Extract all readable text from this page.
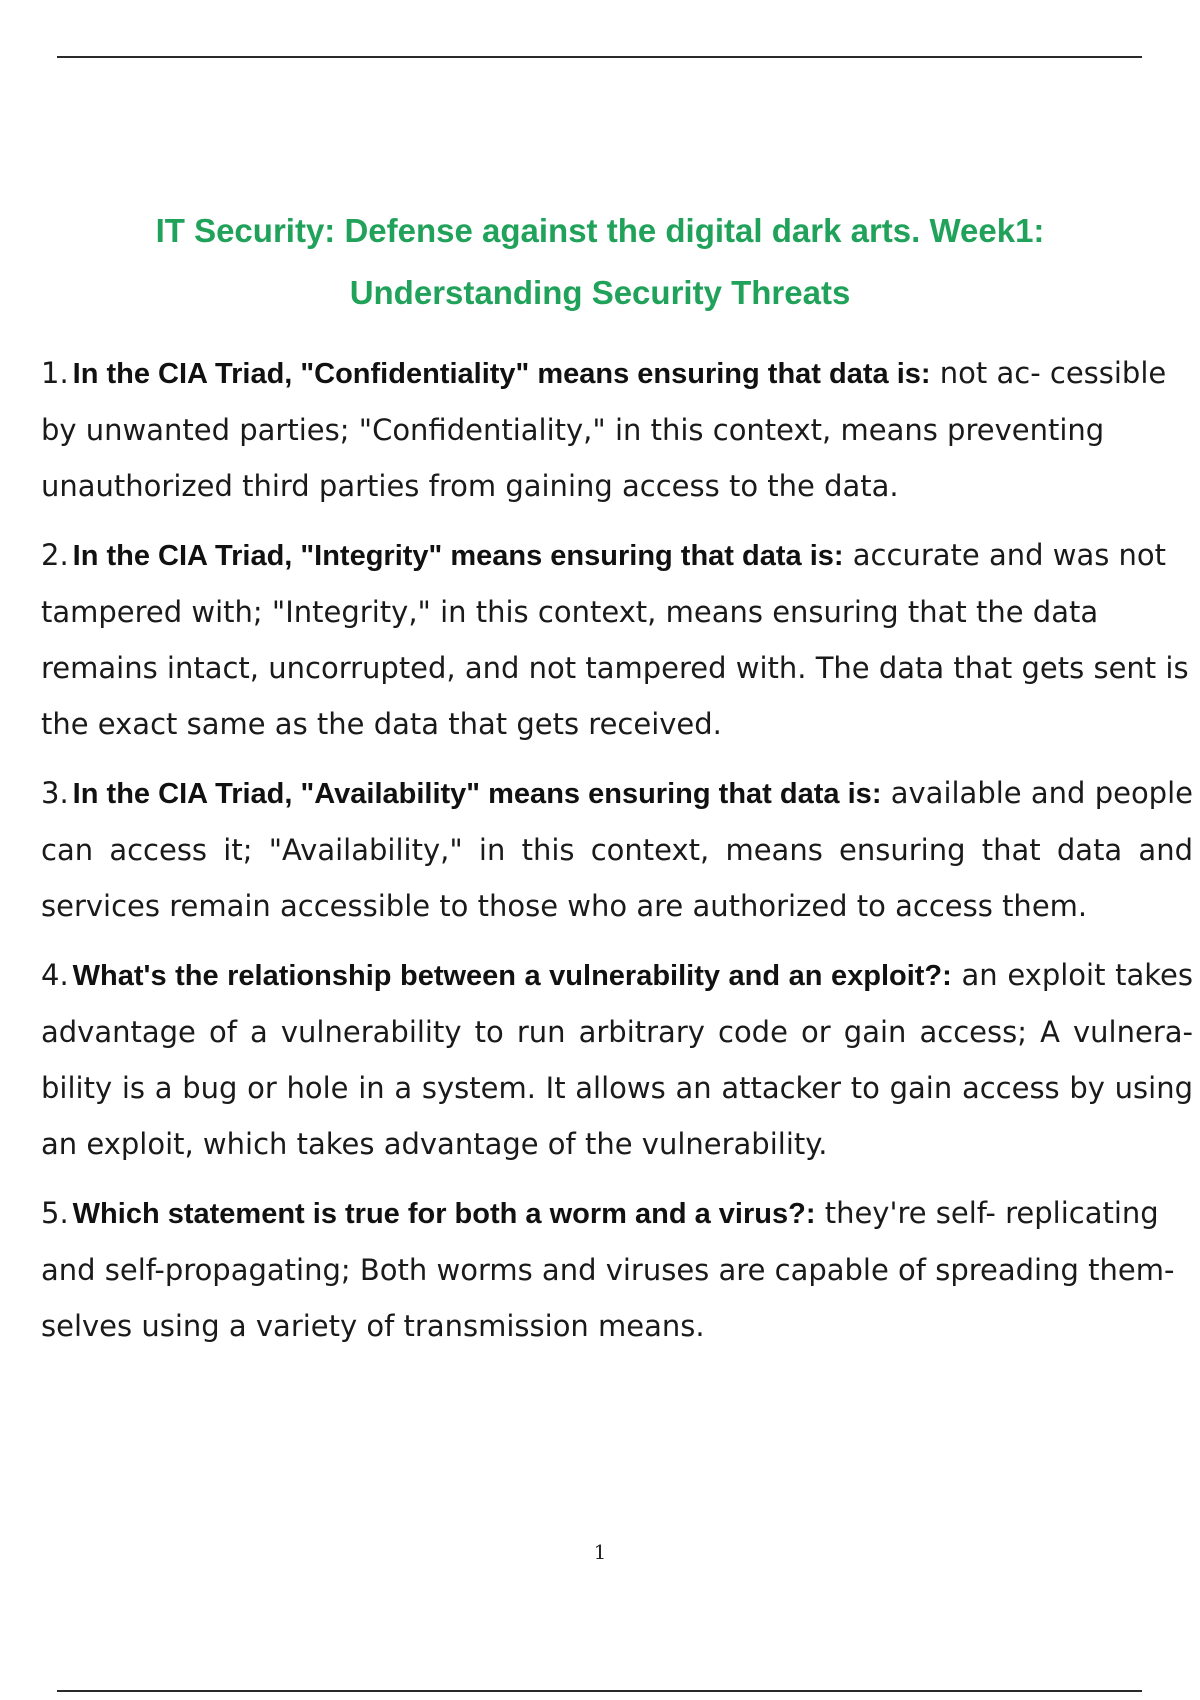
IT Security: Defense against the digital dark arts. Week1: Understanding Security Threats

1. In the CIA Triad, "Confidentiality" means ensuring that data is: not ac- cessible by unwanted parties; "Confidentiality," in this context, means preventing unauthorized third parties from gaining access to the data.

2. In the CIA Triad, "Integrity" means ensuring that data is: accurate and was not tampered with; "Integrity," in this context, means ensuring that the data remains intact, uncorrupted, and not tampered with. The data that gets sent is the exact same as the data that gets received.

3. In the CIA Triad, "Availability" means ensuring that data is: available and people can access it; "Availability," in this context, means ensuring that data and services remain accessible to those who are authorized to access them.

4. What's the relationship between a vulnerability and an exploit?: an exploit takes advantage of a vulnerability to run arbitrary code or gain access; A vulnera- bility is a bug or hole in a system. It allows an attacker to gain access by using an exploit, which takes advantage of the vulnerability.

5. Which statement is true for both a worm and a virus?: they're self- replicating and self-propagating; Both worms and viruses are capable of spreading them- selves using a variety of transmission means.

1
